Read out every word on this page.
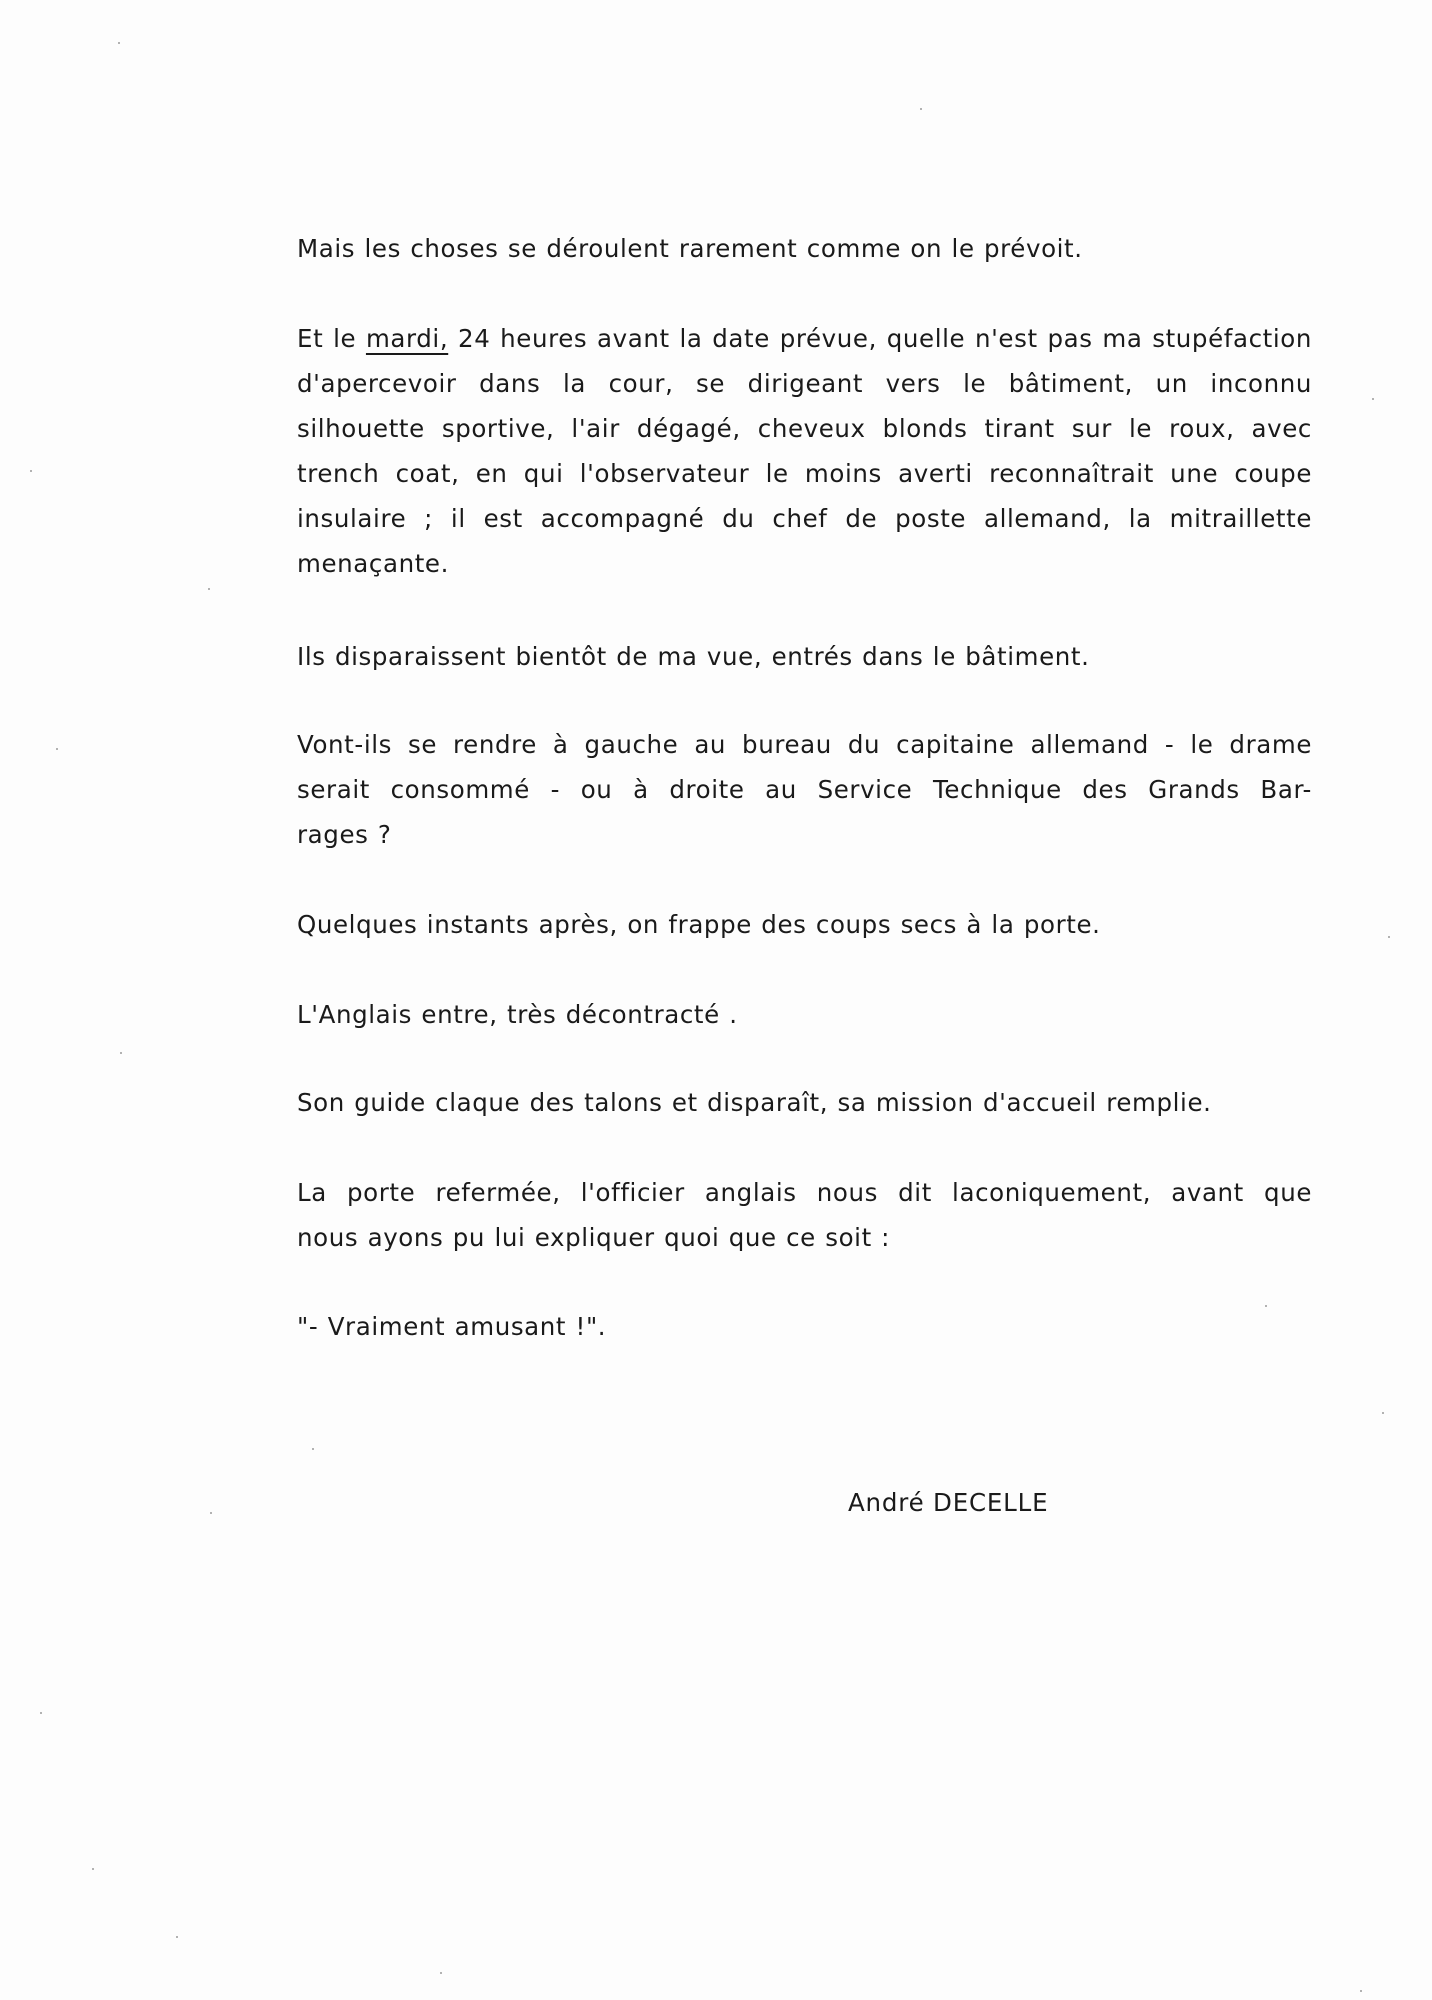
Mais les choses se déroulent rarement comme on le prévoit.

Et le mardi, 24 heures avant la date prévue, quelle n'est pas ma stupéfaction
d'apercevoir dans la cour, se dirigeant vers le bâtiment, un inconnu
silhouette sportive, l'air dégagé, cheveux blonds tirant sur le roux, avec
trench coat, en qui l'observateur le moins averti reconnaîtrait une coupe
insulaire ; il est accompagné du chef de poste allemand, la mitraillette
menaçante.

Ils disparaissent bientôt de ma vue, entrés dans le bâtiment.

Vont-ils se rendre à gauche au bureau du capitaine allemand - le drame
serait consommé - ou à droite au Service Technique des Grands Bar-
rages ?

Quelques instants après, on frappe des coups secs à la porte.

L'Anglais entre, très décontracté .

Son guide claque des talons et disparaît, sa mission d'accueil remplie.

La porte refermée, l'officier anglais nous dit laconiquement, avant que
nous ayons pu lui expliquer quoi que ce soit :

"- Vraiment amusant !".

André DECELLE
